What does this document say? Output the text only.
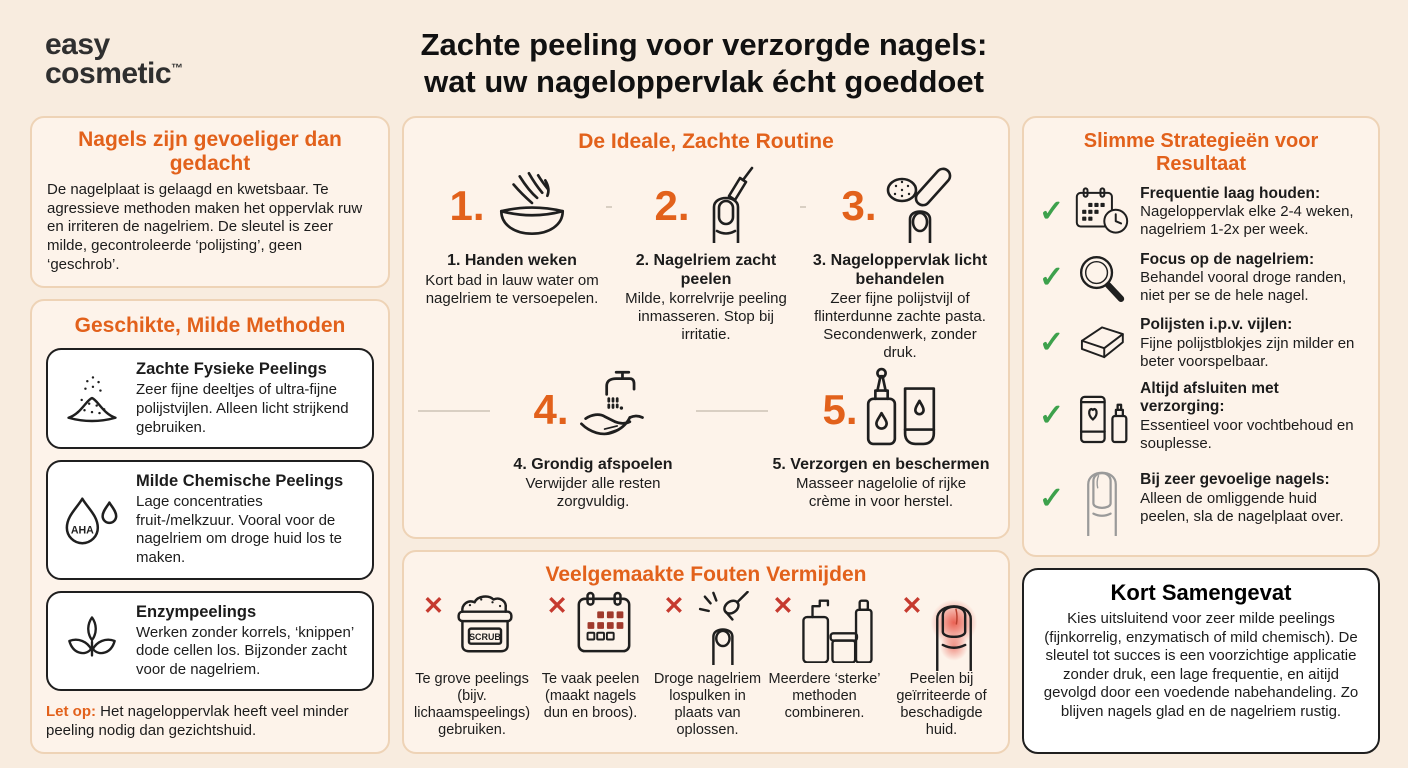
easy
cosmetic™
Zachte peeling voor verzorgde nagels:
wat uw nageloppervlak écht goeddoet
Nagels zijn gevoeliger dan gedacht
De nagelplaat is gelaagd en kwetsbaar. Te agressieve methoden maken het oppervlak ruw en irriteren de nagelriem. De sleutel is zeer milde, gecontroleerde ‘polijsting’, geen ‘geschrob’.
Geschikte, Milde Methoden
Zachte Fysieke Peelings
Zeer fijne deeltjes of ultra-fijne polijstvijlen. Alleen licht strijkend gebruiken.
AHA
Milde Chemische Peelings
Lage concentraties fruit-/melkzuur. Vooral voor de nagelriem om droge huid los te maken.
Enzympeelings
Werken zonder korrels, ‘knippen’ dode cellen los. Bijzonder zacht voor de nagelriem.
Let op: Het nageloppervlak heeft veel minder peeling nodig dan gezichtshuid.
De Ideale, Zachte Routine
1.
1. Handen weken
Kort bad in lauw water om nagelriem te versoepelen.
2.
2. Nagelriem zacht peelen
Milde, korrelvrije peeling inmasseren. Stop bij irritatie.
3.
3. Nageloppervlak licht behandelen
Zeer fijne polijstvijl of flinterdunne zachte pasta. Secondenwerk, zonder druk.
4.
4. Grondig afspoelen
Verwijder alle resten zorgvuldig.
5.
5. Verzorgen en beschermen
Masseer nagelolie of rijke crème in voor herstel.
Veelgemaakte Fouten Vermijden
✕
SCRUB
Te grove peelings (bijv. lichaamspeelings) gebruiken.
✕
Te vaak peelen (maakt nagels dun en broos).
✕
Droge nagelriem lospulken in plaats van oplossen.
✕
Meerdere ‘sterke’ methoden combineren.
✕
Peelen bij geïrriteerde of beschadigde huid.
Slimme Strategieën voor Resultaat
✓
Frequentie laag houden:
Nageloppervlak elke 2-4 weken, nagelriem 1-2x per week.
✓
Focus op de nagelriem:
Behandel vooral droge randen, niet per se de hele nagel.
✓
Polijsten i.p.v. vijlen:
Fijne polijstblokjes zijn milder en beter voorspelbaar.
✓
Altijd afsluiten met verzorging:
Essentieel voor vochtbehoud en souplesse.
✓
Bij zeer gevoelige nagels:
Alleen de omliggende huid peelen, sla de nagelplaat over.
Kort Samengevat

Kies uitsluitend voor zeer milde peelings (fijnkorrelig, enzymatisch of mild chemisch). De sleutel tot succes is een voorzichtige applicatie zonder druk, een lage frequentie, en aitijd gevolgd door een voedende nabehandeling. Zo blijven nagels glad en de nagelriem rustig.
